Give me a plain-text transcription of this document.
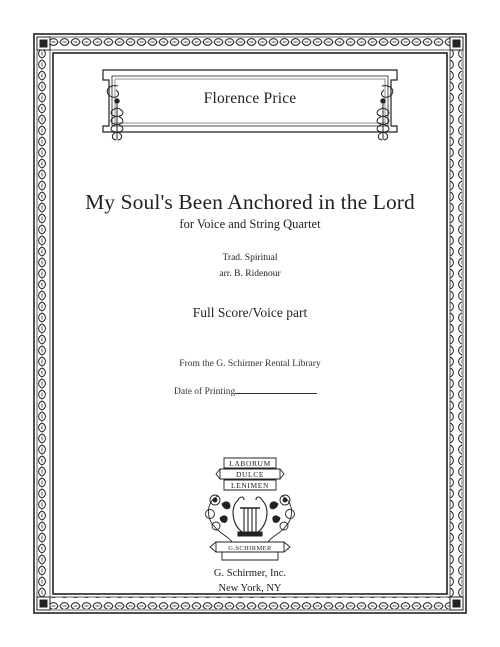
Florence Price
My Soul's Been Anchored in the Lord
for Voice and String Quartet
Trad. Spiritual
arr. B. Ridenour
Full Score/Voice part
From the G. Schirmer Rental Library
Date of Printing
LABORUM
DULCE
LENIMEN
G.SCHIRMER
G. Schirmer, Inc.
New York, NY
